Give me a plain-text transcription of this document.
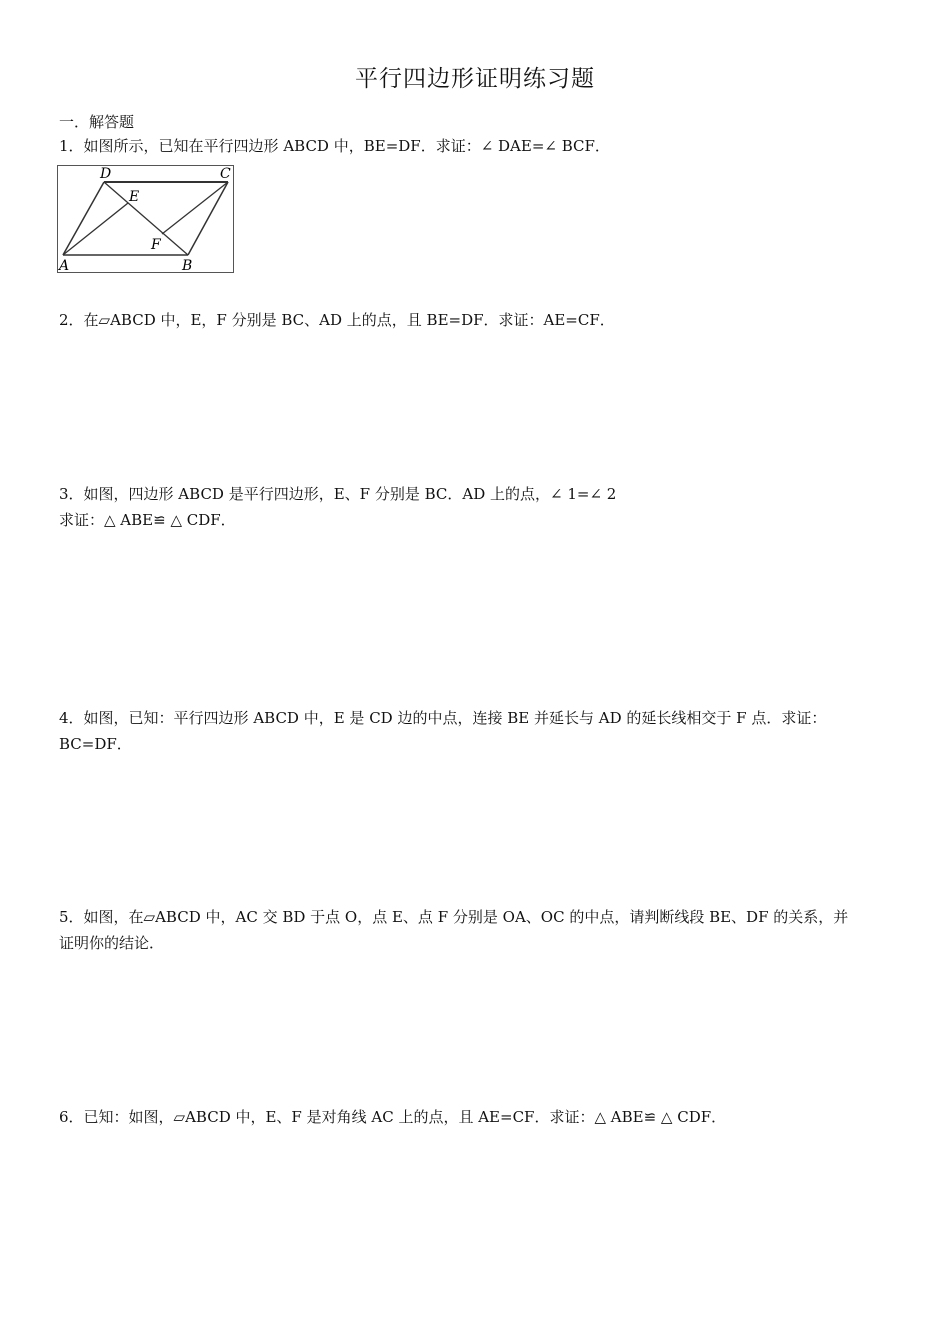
平行四边形证明练习题
一．解答题

1．如图所示，已知在平行四边形 ABCD 中，BE=DF．求证：∠ DAE=∠ BCF．

D	C
E
F
A	B

2．在▱ABCD 中，E，F 分别是 BC、AD 上的点，且 BE=DF．求证：AE=CF．

3．如图，四边形 ABCD 是平行四边形，E、F 分别是 BC．AD 上的点，∠ 1=∠ 2

求证：△ ABE≌ △ CDF．

4．如图，已知：平行四边形 ABCD 中，E 是 CD 边的中点，连接 BE 并延长与 AD 的延长线相交于 F 点．求证：

BC=DF．

5．如图，在▱ABCD 中，AC 交 BD 于点 O，点 E、点 F 分别是 OA、OC 的中点，请判断线段 BE、DF 的关系，并

证明你的结论．

6．已知：如图，▱ABCD 中，E、F 是对角线 AC 上的点，且 AE=CF．求证：△ ABE≌ △ CDF．
